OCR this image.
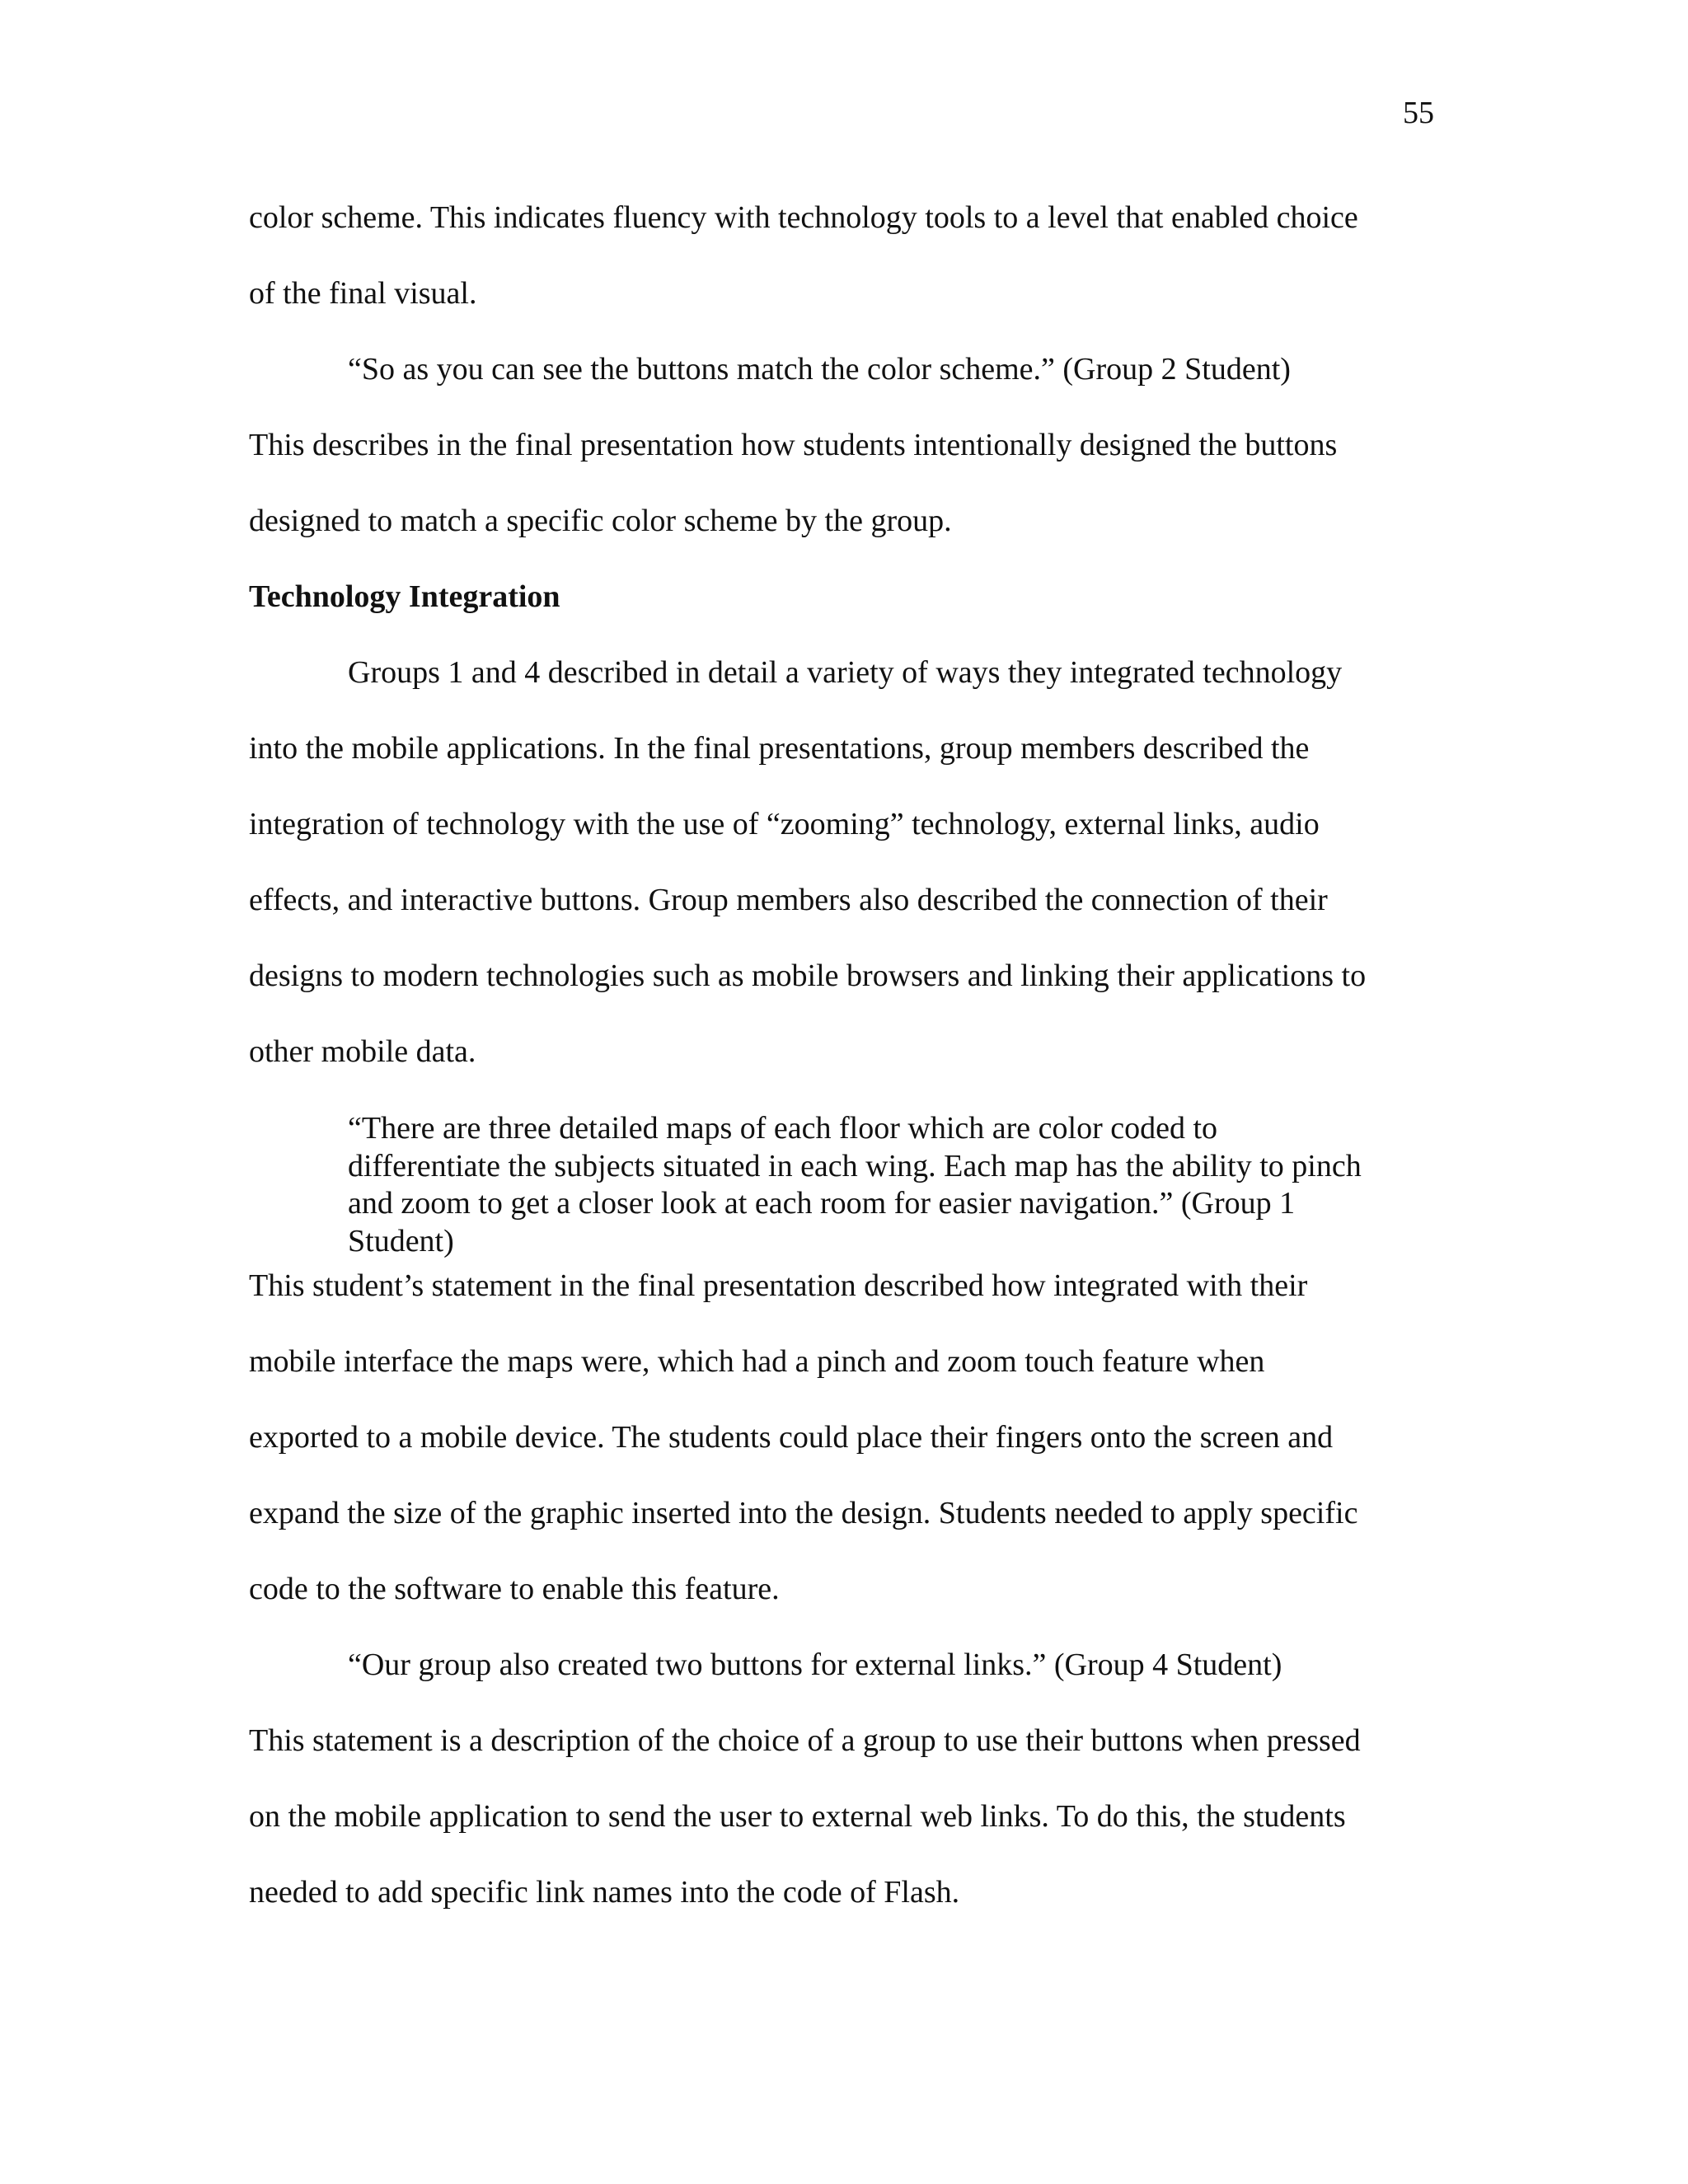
55
color scheme. This indicates fluency with technology tools to a level that enabled choice
of the final visual.
“So as you can see the buttons match the color scheme.” (Group 2 Student)
This describes in the final presentation how students intentionally designed the buttons
designed to match a specific color scheme by the group.
Technology Integration
Groups 1 and 4 described in detail a variety of ways they integrated technology
into the mobile applications. In the final presentations, group members described the
integration of technology with the use of “zooming” technology, external links, audio
effects, and interactive buttons. Group members also described the connection of their
designs to modern technologies such as mobile browsers and linking their applications to
other mobile data.
“There are three detailed maps of each floor which are color coded to
differentiate the subjects situated in each wing. Each map has the ability to pinch
and zoom to get a closer look at each room for easier navigation.” (Group 1
Student)
This student’s statement in the final presentation described how integrated with their
mobile interface the maps were, which had a pinch and zoom touch feature when
exported to a mobile device. The students could place their fingers onto the screen and
expand the size of the graphic inserted into the design. Students needed to apply specific
code to the software to enable this feature.
“Our group also created two buttons for external links.” (Group 4 Student)
This statement is a description of the choice of a group to use their buttons when pressed
on the mobile application to send the user to external web links. To do this, the students
needed to add specific link names into the code of Flash.
